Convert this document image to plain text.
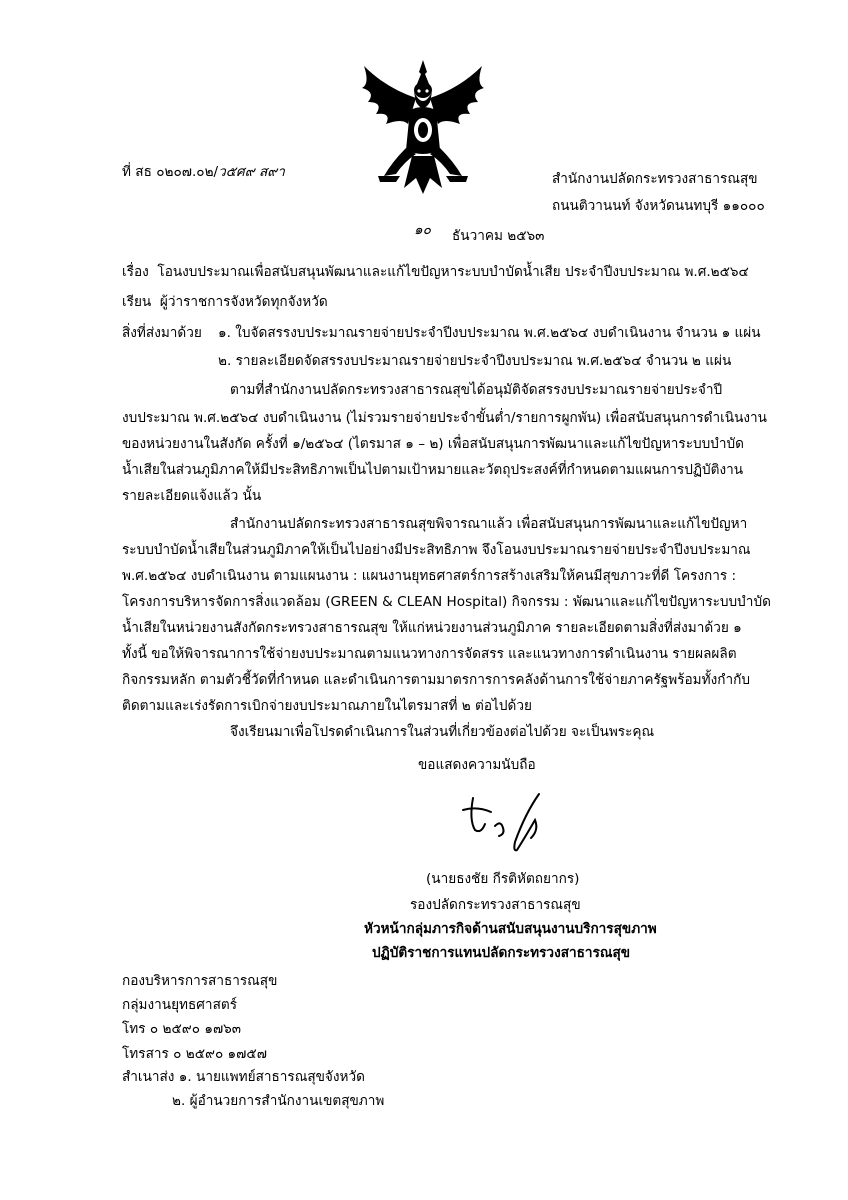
ที่ สธ ๐๒๐๗.๐๒/ว๕ศ๙ ส๙า	สำนักงานปลัดกระทรวงสาธารณสุข
ถนนติวานนท์ จังหวัดนนทบุรี ๑๑๐๐๐
๑๐ ธันวาคม ๒๕๖๓
เรื่อง โอนงบประมาณเพื่อสนับสนุนพัฒนาและแก้ไขปัญหาระบบบำบัดน้ำเสีย ประจำปีงบประมาณ พ.ศ.๒๕๖๔
เรียน ผู้ว่าราชการจังหวัดทุกจังหวัด
สิ่งที่ส่งมาด้วย ๑. ใบจัดสรรงบประมาณรายจ่ายประจำปีงบประมาณ พ.ศ.๒๕๖๔ งบดำเนินงาน จำนวน ๑ แผ่น
๒. รายละเอียดจัดสรรงบประมาณรายจ่ายประจำปีงบประมาณ พ.ศ.๒๕๖๔ จำนวน ๒ แผ่น
ตามที่สำนักงานปลัดกระทรวงสาธารณสุขได้อนุมัติจัดสรรงบประมาณรายจ่ายประจำปี
งบประมาณ พ.ศ.๒๕๖๔ งบดำเนินงาน (ไม่รวมรายจ่ายประจำขั้นต่ำ/รายการผูกพัน) เพื่อสนับสนุนการดำเนินงาน
ของหน่วยงานในสังกัด ครั้งที่ ๑/๒๕๖๔ (ไตรมาส ๑ – ๒) เพื่อสนับสนุนการพัฒนาและแก้ไขปัญหาระบบบำบัด
น้ำเสียในส่วนภูมิภาคให้มีประสิทธิภาพเป็นไปตามเป้าหมายและวัตถุประสงค์ที่กำหนดตามแผนการปฏิบัติงาน
รายละเอียดแจ้งแล้ว นั้น
สำนักงานปลัดกระทรวงสาธารณสุขพิจารณาแล้ว เพื่อสนับสนุนการพัฒนาและแก้ไขปัญหา
ระบบบำบัดน้ำเสียในส่วนภูมิภาคให้เป็นไปอย่างมีประสิทธิภาพ จึงโอนงบประมาณรายจ่ายประจำปีงบประมาณ
พ.ศ.๒๕๖๔ งบดำเนินงาน ตามแผนงาน : แผนงานยุทธศาสตร์การสร้างเสริมให้คนมีสุขภาวะที่ดี โครงการ :
โครงการบริหารจัดการสิ่งแวดล้อม (GREEN & CLEAN Hospital) กิจกรรม : พัฒนาและแก้ไขปัญหาระบบบำบัด
น้ำเสียในหน่วยงานสังกัดกระทรวงสาธารณสุข ให้แก่หน่วยงานส่วนภูมิภาค รายละเอียดตามสิ่งที่ส่งมาด้วย ๑
ทั้งนี้ ขอให้พิจารณาการใช้จ่ายงบประมาณตามแนวทางการจัดสรร และแนวทางการดำเนินงาน รายผลผลิต
กิจกรรมหลัก ตามตัวชี้วัดที่กำหนด และดำเนินการตามมาตรการการคลังด้านการใช้จ่ายภาครัฐพร้อมทั้งกำกับ
ติดตามและเร่งรัดการเบิกจ่ายงบประมาณภายในไตรมาสที่ ๒ ต่อไปด้วย
จึงเรียนมาเพื่อโปรดดำเนินการในส่วนที่เกี่ยวข้องต่อไปด้วย จะเป็นพระคุณ
ขอแสดงความนับถือ
(นายธงชัย กีรติหัตถยากร)
รองปลัดกระทรวงสาธารณสุข
หัวหน้ากลุ่มภารกิจด้านสนับสนุนงานบริการสุขภาพ
ปฏิบัติราชการแทนปลัดกระทรวงสาธารณสุข
กองบริหารการสาธารณสุข
กลุ่มงานยุทธศาสตร์
โทร ๐ ๒๕๙๐ ๑๗๖๓
โทรสาร ๐ ๒๕๙๐ ๑๗๕๗
สำเนาส่ง ๑. นายแพทย์สาธารณสุขจังหวัด
๒. ผู้อำนวยการสำนักงานเขตสุขภาพ
